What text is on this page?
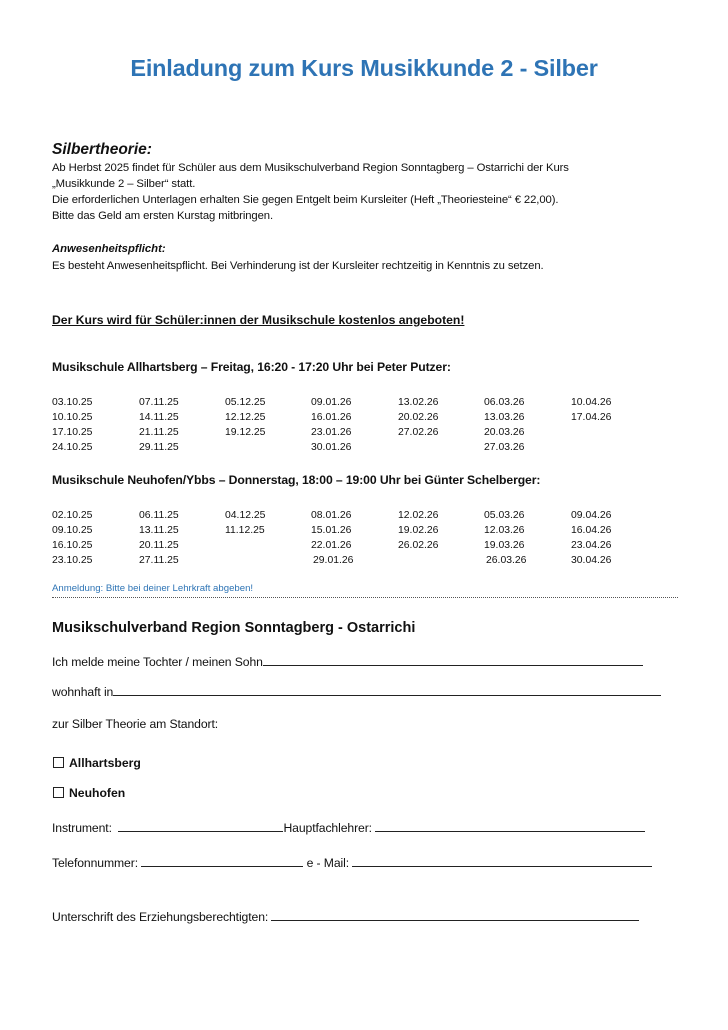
Einladung zum Kurs Musikkunde 2 - Silber
Silbertheorie:
Ab Herbst 2025 findet für Schüler aus dem Musikschulverband Region Sonntagberg – Ostarrichi der Kurs
„Musikkunde 2 – Silber“ statt.
Die erforderlichen Unterlagen erhalten Sie gegen Entgelt beim Kursleiter (Heft „Theoriesteine“ € 22,00).
Bitte das Geld am ersten Kurstag mitbringen.
Anwesenheitspflicht:
Es besteht Anwesenheitspflicht. Bei Verhinderung ist der Kursleiter rechtzeitig in Kenntnis zu setzen.
Der Kurs wird für Schüler:innen der Musikschule kostenlos angeboten!
Musikschule Allhartsberg – Freitag, 16:20 - 17:20 Uhr bei Peter Putzer:
03.10.25
10.10.25
17.10.25
24.10.25
07.11.25
14.11.25
21.11.25
29.11.25
05.12.25
12.12.25
19.12.25
09.01.26
16.01.26
23.01.26
30.01.26
13.02.26
20.02.26
27.02.26
06.03.26
13.03.26
20.03.26
27.03.26
10.04.26
17.04.26
Musikschule Neuhofen/Ybbs – Donnerstag, 18:00 – 19:00 Uhr bei Günter Schelberger:
02.10.25
09.10.25
16.10.25
23.10.25
06.11.25
13.11.25
20.11.25
27.11.25
04.12.25
11.12.25
08.01.26
15.01.26
22.01.26
29.01.26
12.02.26
19.02.26
26.02.26
05.03.26
12.03.26
19.03.26
26.03.26
09.04.26
16.04.26
23.04.26
30.04.26
Anmeldung: Bitte bei deiner Lehrkraft abgeben!
Musikschulverband Region Sonntagberg - Ostarrichi
Ich melde meine Tochter / meinen Sohn
wohnhaft in
zur Silber Theorie am Standort:
Allhartsberg
Neuhofen
Instrument:	Hauptfachlehrer:
Telefonnummer:	e - Mail:
Unterschrift des Erziehungsberechtigten:
